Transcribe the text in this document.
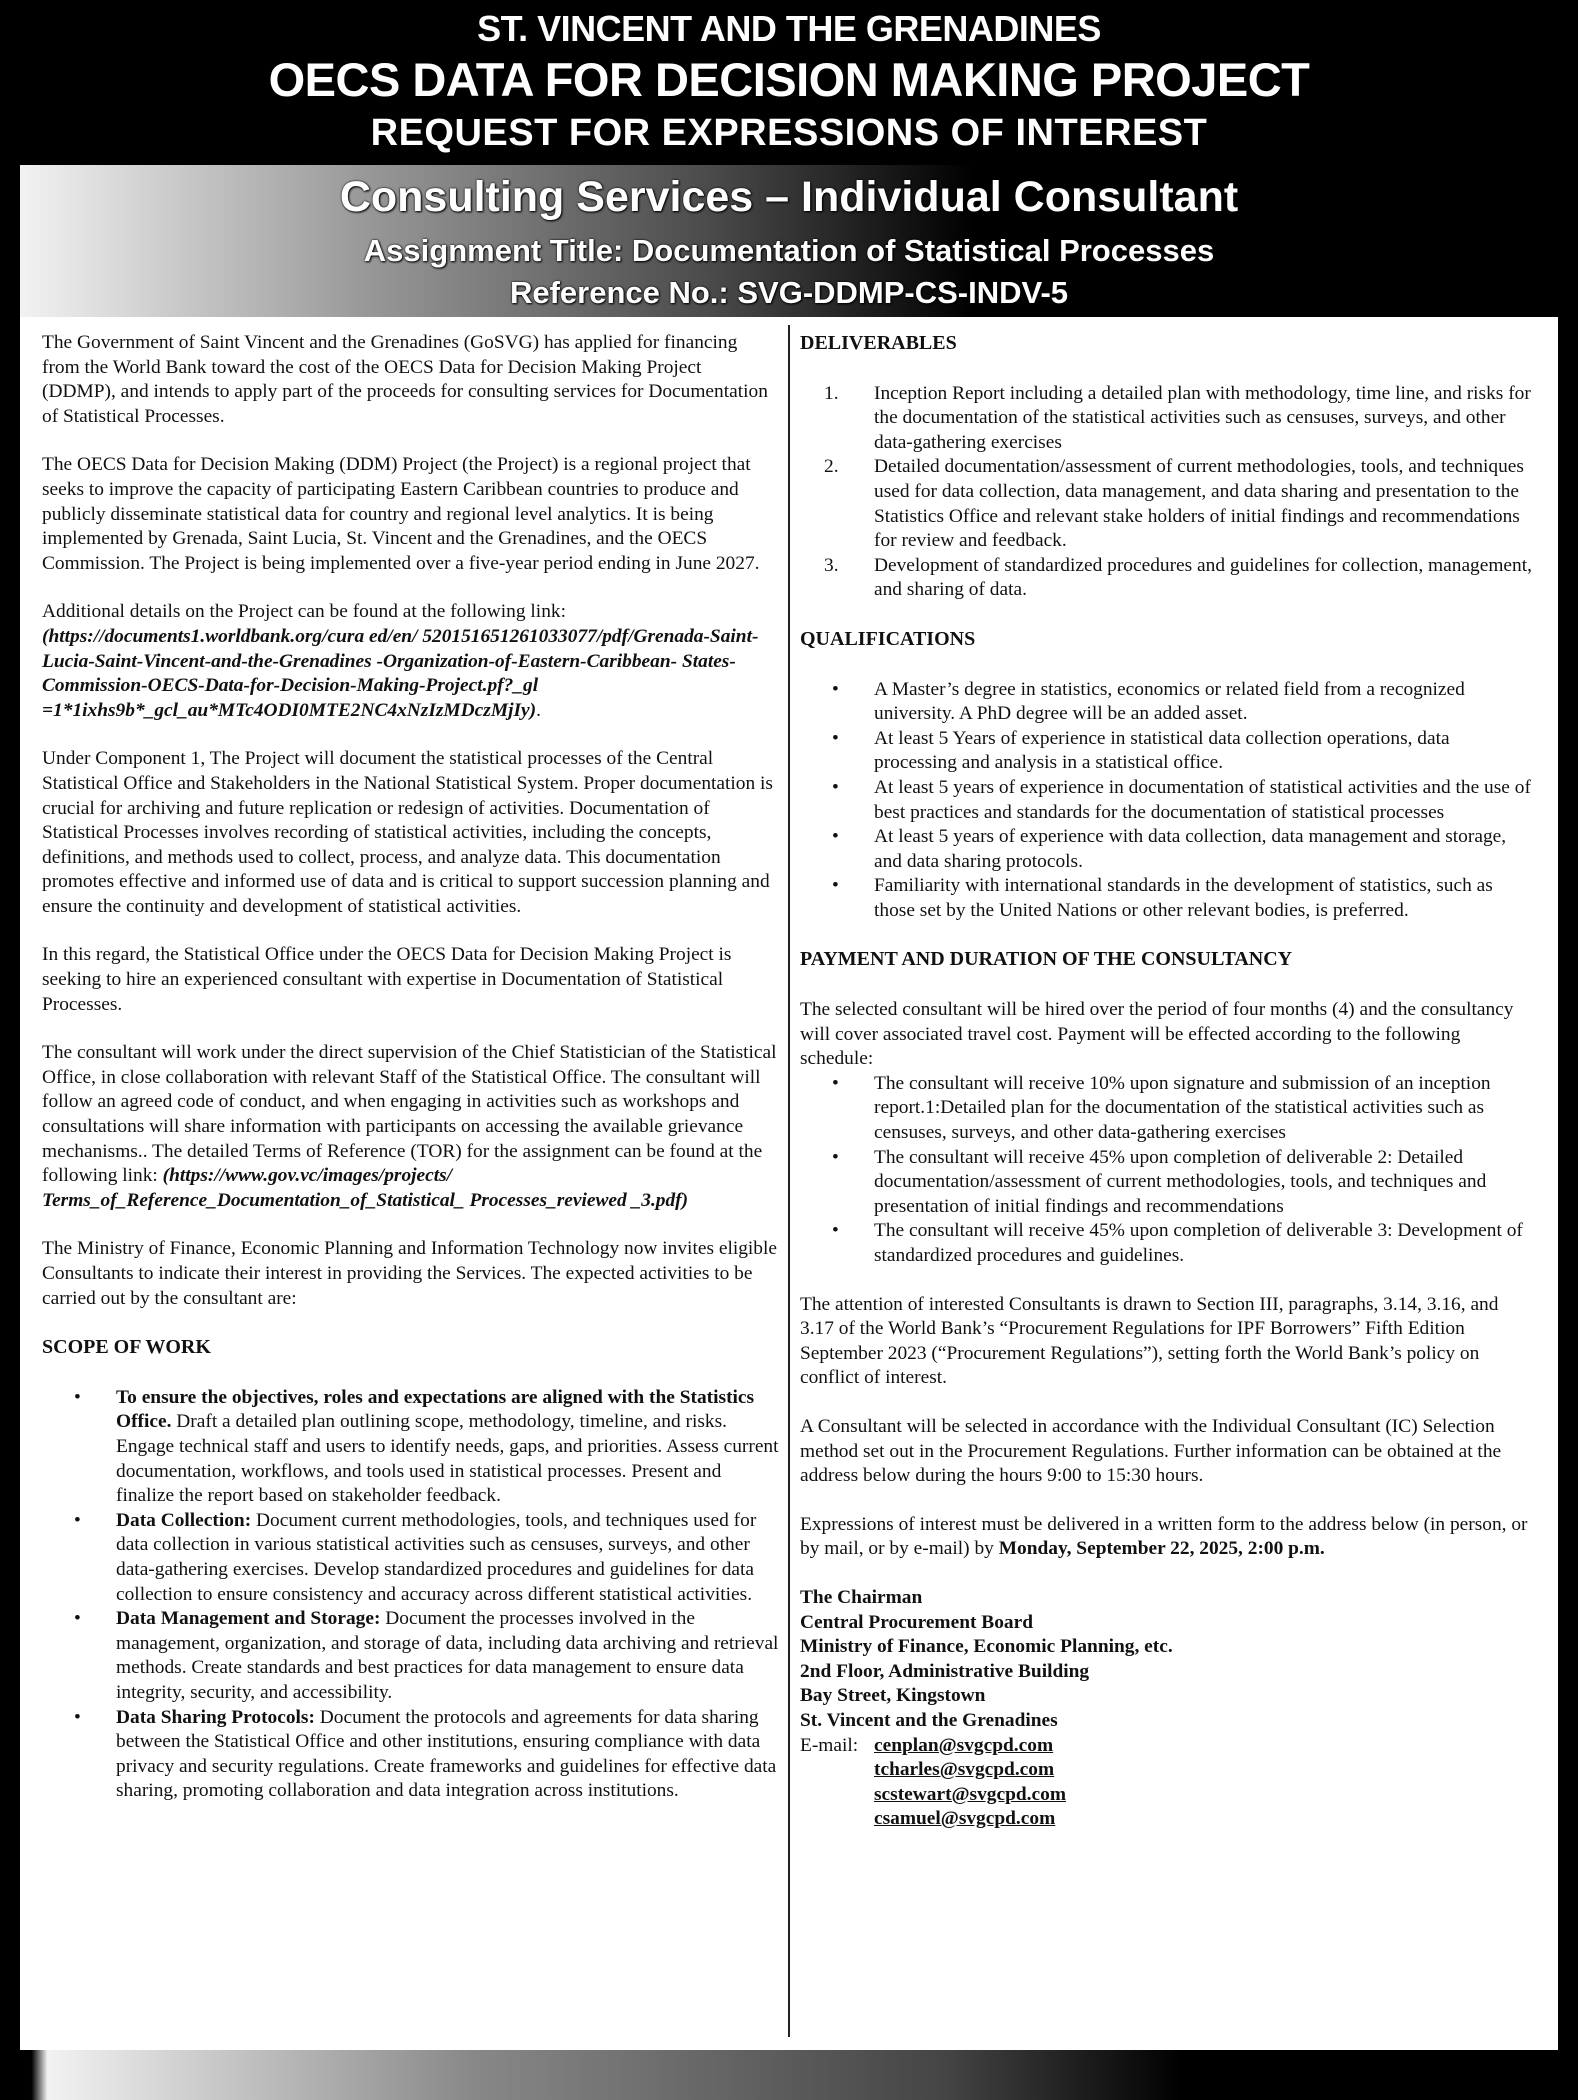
ST. VINCENT AND THE GRENADINES
OECS DATA FOR DECISION MAKING PROJECT
REQUEST FOR EXPRESSIONS OF INTEREST
Consulting Services – Individual Consultant
Assignment Title: Documentation of Statistical Processes
Reference No.: SVG-DDMP-CS-INDV-5

The Government of Saint Vincent and the Grenadines (GoSVG) has applied for financing from the World Bank toward the cost of the OECS Data for Decision Making Project (DDMP), and intends to apply part of the proceeds for consulting services for Documentation of Statistical Processes.

The OECS Data for Decision Making (DDM) Project (the Project) is a regional project that seeks to improve the capacity of participating Eastern Caribbean countries to produce and publicly disseminate statistical data for country and regional level analytics. It is being implemented by Grenada, Saint Lucia, St. Vincent and the Grenadines, and the OECS Commission. The Project is being implemented over a five-year period ending in June 2027.

Additional details on the Project can be found at the following link:
(https://documents1.worldbank.org/cura ed/en/ 520151651261033077/pdf/Grenada-Saint-Lucia-Saint-Vincent-and-the-Grenadines -Organization-of-Eastern-Caribbean- States-Commission-OECS-Data-for-Decision-Making-Project.pf?_gl =1*1ixhs9b*_gcl_au*MTc4ODI0MTE2NC4xNzIzMDczMjIy).

Under Component 1, The Project will document the statistical processes of the Central Statistical Office and Stakeholders in the National Statistical System. Proper documentation is crucial for archiving and future replication or redesign of activities. Documentation of Statistical Processes involves recording of statistical activities, including the concepts, definitions, and methods used to collect, process, and analyze data. This documentation promotes effective and informed use of data and is critical to support succession planning and ensure the continuity and development of statistical activities.

In this regard, the Statistical Office under the OECS Data for Decision Making Project is seeking to hire an experienced consultant with expertise in Documentation of Statistical Processes.

The consultant will work under the direct supervision of the Chief Statistician of the Statistical Office, in close collaboration with relevant Staff of the Statistical Office. The consultant will follow an agreed code of conduct, and when engaging in activities such as workshops and consultations will share information with participants on accessing the available grievance mechanisms.. The detailed Terms of Reference (TOR) for the assignment can be found at the following link: (https://www.gov.vc/images/projects/ Terms_of_Reference_Documentation_of_Statistical_ Processes_reviewed _3.pdf)

The Ministry of Finance, Economic Planning and Information Technology now invites eligible Consultants to indicate their interest in providing the Services. The expected activities to be carried out by the consultant are:

SCOPE OF WORK
• To ensure the objectives, roles and expectations are aligned with the Statistics Office. Draft a detailed plan outlining scope, methodology, timeline, and risks. Engage technical staff and users to identify needs, gaps, and priorities. Assess current documentation, workflows, and tools used in statistical processes. Present and finalize the report based on stakeholder feedback.
• Data Collection: Document current methodologies, tools, and techniques used for data collection in various statistical activities such as censuses, surveys, and other data-gathering exercises. Develop standardized procedures and guidelines for data collection to ensure consistency and accuracy across different statistical activities.
• Data Management and Storage: Document the processes involved in the management, organization, and storage of data, including data archiving and retrieval methods. Create standards and best practices for data management to ensure data integrity, security, and accessibility.
• Data Sharing Protocols: Document the protocols and agreements for data sharing between the Statistical Office and other institutions, ensuring compliance with data privacy and security regulations. Create frameworks and guidelines for effective data sharing, promoting collaboration and data integration across institutions.
DELIVERABLES
1. Inception Report including a detailed plan with methodology, time line, and risks for the documentation of the statistical activities such as censuses, surveys, and other data-gathering exercises
2. Detailed documentation/assessment of current methodologies, tools, and techniques used for data collection, data management, and data sharing and presentation to the Statistics Office and relevant stake holders of initial findings and recommendations for review and feedback.
3. Development of standardized procedures and guidelines for collection, management, and sharing of data.
QUALIFICATIONS
• A Master’s degree in statistics, economics or related field from a recognized university. A PhD degree will be an added asset.
• At least 5 Years of experience in statistical data collection operations, data processing and analysis in a statistical office.
• At least 5 years of experience in documentation of statistical activities and the use of best practices and standards for the documentation of statistical processes
• At least 5 years of experience with data collection, data management and storage, and data sharing protocols.
• Familiarity with international standards in the development of statistics, such as those set by the United Nations or other relevant bodies, is preferred.
PAYMENT AND DURATION OF THE CONSULTANCY
The selected consultant will be hired over the period of four months (4) and the consultancy will cover associated travel cost. Payment will be effected according to the following schedule:
• The consultant will receive 10% upon signature and submission of an inception report.1:Detailed plan for the documentation of the statistical activities such as censuses, surveys, and other data-gathering exercises
• The consultant will receive 45% upon completion of deliverable 2: Detailed documentation/assessment of current methodologies, tools, and techniques and presentation of initial findings and recommendations
• The consultant will receive 45% upon completion of deliverable 3: Development of standardized procedures and guidelines.

The attention of interested Consultants is drawn to Section III, paragraphs, 3.14, 3.16, and 3.17 of the World Bank’s “Procurement Regulations for IPF Borrowers” Fifth Edition September 2023 (“Procurement Regulations”), setting forth the World Bank’s policy on conflict of interest.

A Consultant will be selected in accordance with the Individual Consultant (IC) Selection method set out in the Procurement Regulations. Further information can be obtained at the address below during the hours 9:00 to 15:30 hours.

Expressions of interest must be delivered in a written form to the address below (in person, or by mail, or by e-mail) by Monday, September 22, 2025, 2:00 p.m.

The Chairman
Central Procurement Board
Ministry of Finance, Economic Planning, etc.
2nd Floor, Administrative Building
Bay Street, Kingstown
St. Vincent and the Grenadines
E-mail: cenplan@svgcpd.com
tcharles@svgcpd.com
scstewart@svgcpd.com
csamuel@svgcpd.com
